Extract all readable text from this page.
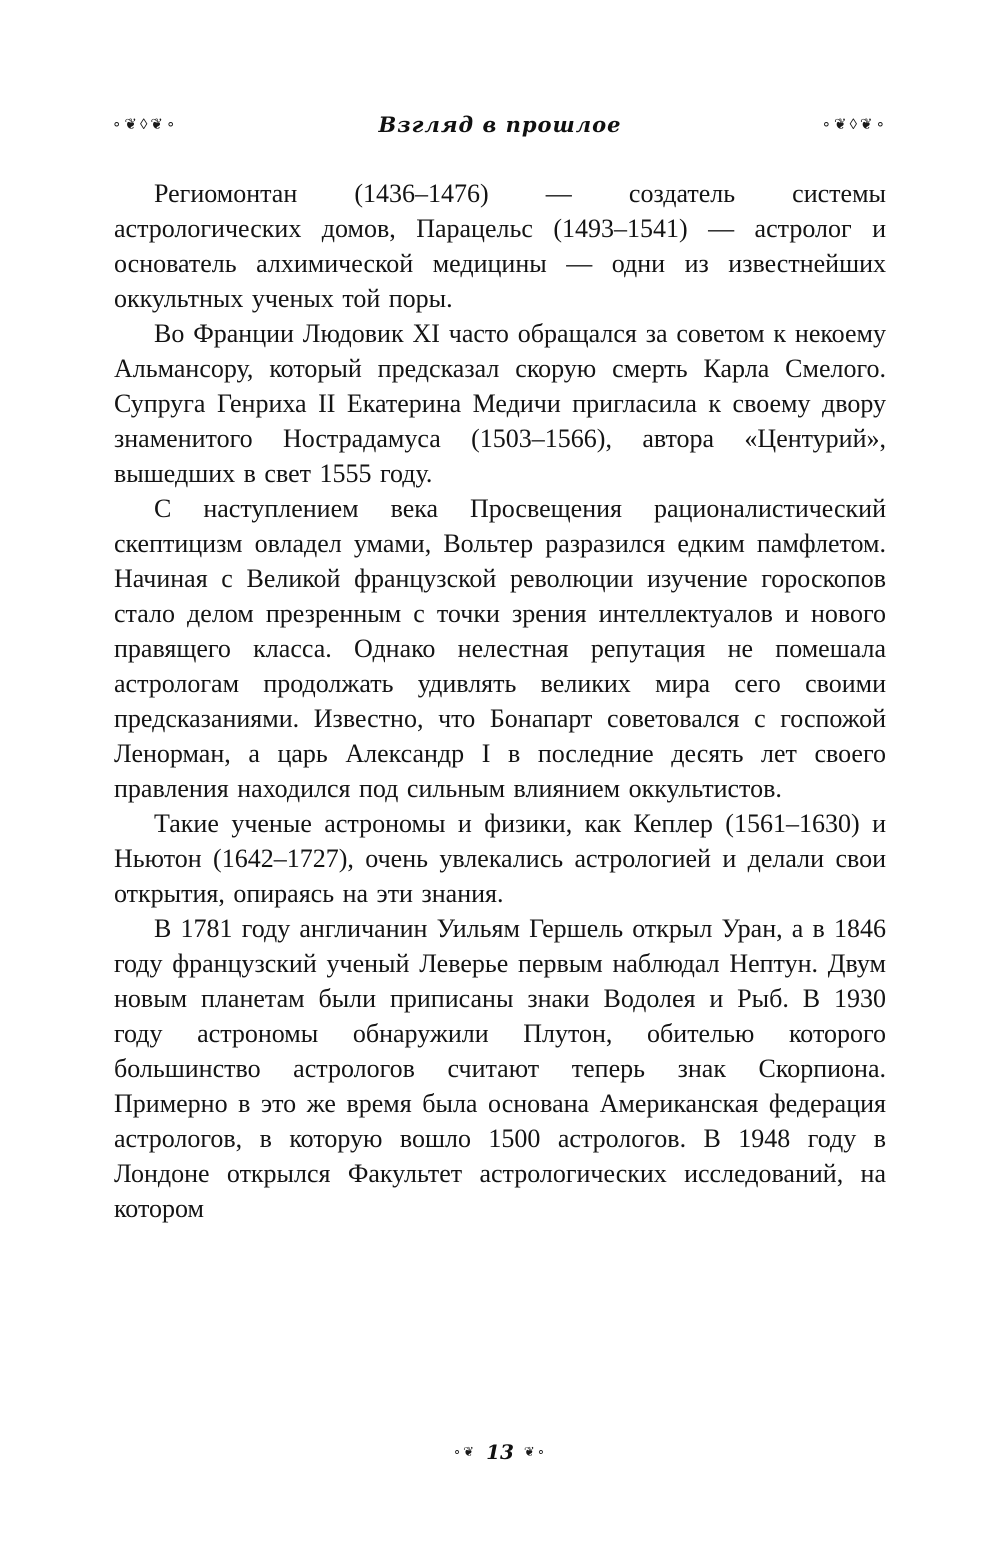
∘❦◊❦∘	Взгляд в прошлое	∘❦◊❦∘

Региомонтан (1436–1476) — создатель системы астрологических домов, Парацельс (1493–1541) — астролог и основатель алхимической медицины — одни из известнейших оккультных ученых той поры.

Во Франции Людовик XI часто обращался за советом к некоему Альмансору, который предсказал скорую смерть Карла Смелого. Супруга Генриха II Екатерина Медичи пригласила к своему двору знаменитого Нострадамуса (1503–1566), автора «Центурий», вышедших в свет 1555 году.

С наступлением века Просвещения рационалистический скептицизм овладел умами, Вольтер разразился едким памфлетом. Начиная с Великой французской революции изучение гороскопов стало делом презренным с точки зрения интеллектуалов и нового правящего класса. Однако нелестная репутация не помешала астрологам продолжать удивлять великих мира сего своими предсказаниями. Известно, что Бонапарт советовался с госпожой Ленорман, а царь Александр I в последние десять лет своего правления находился под сильным влиянием оккультистов.

Такие ученые астрономы и физики, как Кеплер (1561–1630) и Ньютон (1642–1727), очень увлекались астрологией и делали свои открытия, опираясь на эти знания.

В 1781 году англичанин Уильям Гершель открыл Уран, а в 1846 году французский ученый Леверье первым наблюдал Нептун. Двум новым планетам были приписаны знаки Водолея и Рыб. В 1930 году астрономы обнаружили Плутон, обителью которого большинство астрологов считают теперь знак Скорпиона. Примерно в это же время была основана Американская федерация астрологов, в которую вошло 1500 астрологов. В 1948 году в Лондоне открылся Факультет астрологических исследований, на котором

∘❦ 13 ❦∘
